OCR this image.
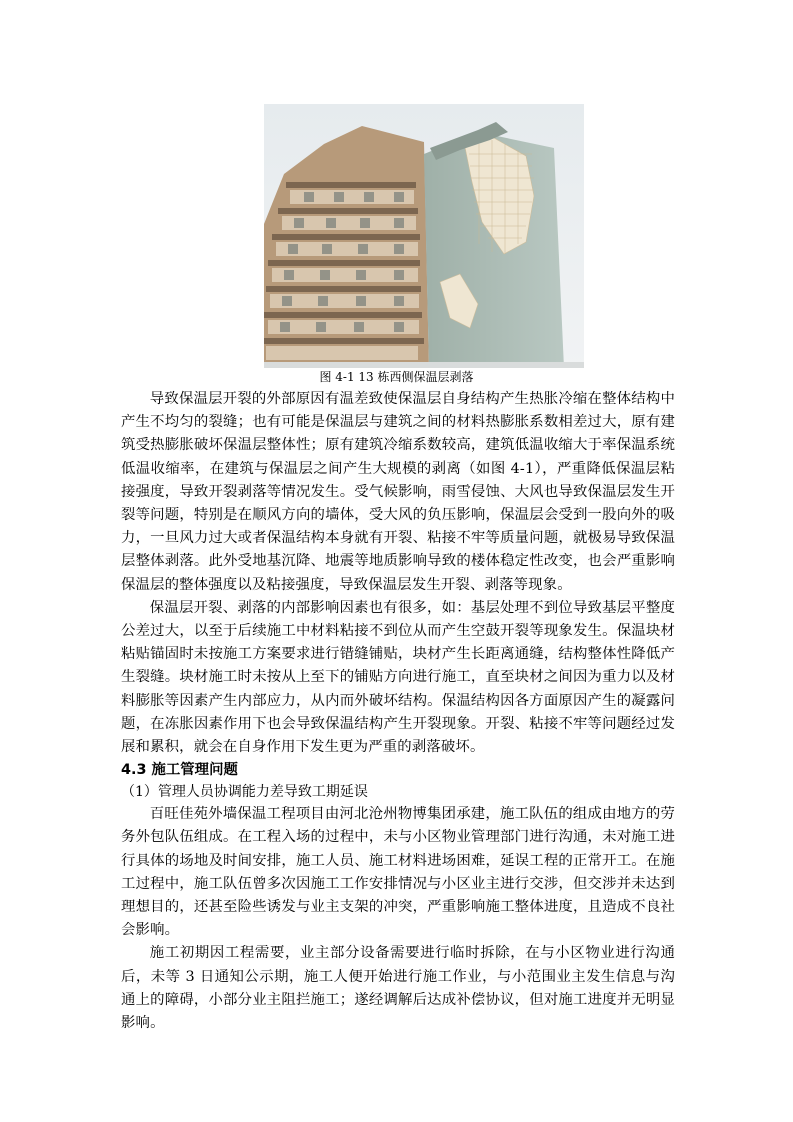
图 4-1 13 栋西侧保温层剥落

导致保温层开裂的外部原因有温差致使保温层自身结构产生热胀冷缩在整体结构中产生不均匀的裂缝；也有可能是保温层与建筑之间的材料热膨胀系数相差过大，原有建筑受热膨胀破坏保温层整体性；原有建筑冷缩系数较高，建筑低温收缩大于率保温系统低温收缩率，在建筑与保温层之间产生大规模的剥离（如图 4-1），严重降低保温层粘接强度，导致开裂剥落等情况发生。受气候影响，雨雪侵蚀、大风也导致保温层发生开裂等问题，特别是在顺风方向的墙体，受大风的负压影响，保温层会受到一股向外的吸力，一旦风力过大或者保温结构本身就有开裂、粘接不牢等质量问题，就极易导致保温层整体剥落。此外受地基沉降、地震等地质影响导致的楼体稳定性改变，也会严重影响保温层的整体强度以及粘接强度，导致保温层发生开裂、剥落等现象。

保温层开裂、剥落的内部影响因素也有很多，如：基层处理不到位导致基层平整度公差过大，以至于后续施工中材料粘接不到位从而产生空鼓开裂等现象发生。保温块材粘贴锚固时未按施工方案要求进行错缝铺贴，块材产生长距离通缝，结构整体性降低产生裂缝。块材施工时未按从上至下的铺贴方向进行施工，直至块材之间因为重力以及材料膨胀等因素产生内部应力，从内而外破坏结构。保温结构因各方面原因产生的凝露问题，在冻胀因素作用下也会导致保温结构产生开裂现象。开裂、粘接不牢等问题经过发展和累积，就会在自身作用下发生更为严重的剥落破坏。

4.3 施工管理问题

（1）管理人员协调能力差导致工期延误

百旺佳苑外墙保温工程项目由河北沧州物博集团承建，施工队伍的组成由地方的劳务外包队伍组成。在工程入场的过程中，未与小区物业管理部门进行沟通，未对施工进行具体的场地及时间安排，施工人员、施工材料进场困难，延误工程的正常开工。在施工过程中，施工队伍曾多次因施工工作安排情况与小区业主进行交涉，但交涉并未达到理想目的，还甚至险些诱发与业主支架的冲突，严重影响施工整体进度，且造成不良社会影响。

施工初期因工程需要，业主部分设备需要进行临时拆除，在与小区物业进行沟通后，未等 3 日通知公示期，施工人便开始进行施工作业，与小范围业主发生信息与沟通上的障碍，小部分业主阻拦施工；遂经调解后达成补偿协议，但对施工进度并无明显影响。
